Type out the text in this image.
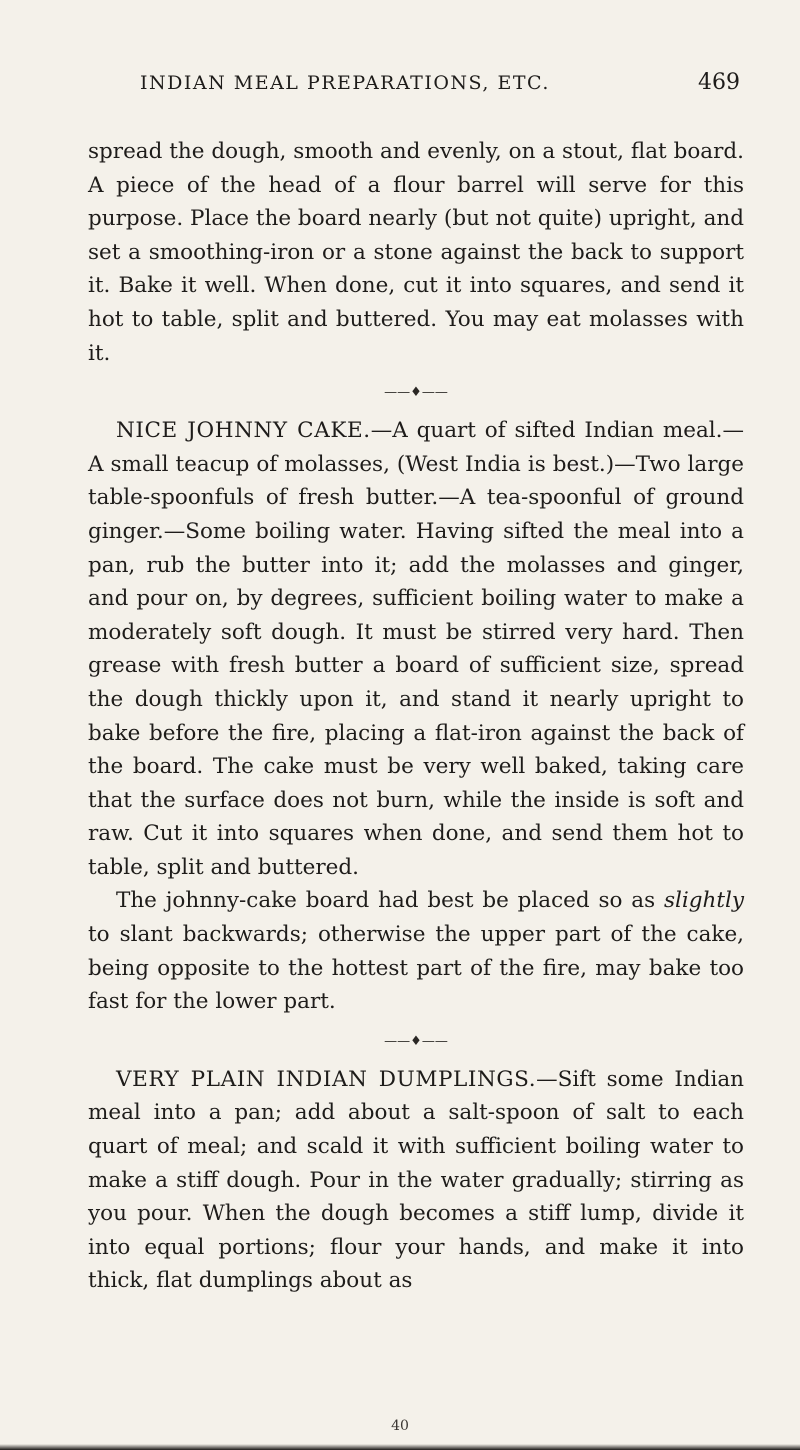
INDIAN MEAL PREPARATIONS, ETC.	469

spread the dough, smooth and evenly, on a stout, flat board. A piece of the head of a flour barrel will serve for this purpose. Place the board nearly (but not quite) upright, and set a smoothing-iron or a stone against the back to support it. Bake it well. When done, cut it into squares, and send it hot to table, split and buttered. You may eat molasses with it.

——♦——

NICE JOHNNY CAKE.—A quart of sifted Indian meal.—A small teacup of molasses, (West India is best.)—Two large table-spoonfuls of fresh butter.—A tea-spoonful of ground ginger.—Some boiling water. Having sifted the meal into a pan, rub the butter into it; add the molasses and ginger, and pour on, by degrees, sufficient boiling water to make a moderately soft dough. It must be stirred very hard. Then grease with fresh butter a board of sufficient size, spread the dough thickly upon it, and stand it nearly upright to bake before the fire, placing a flat-iron against the back of the board. The cake must be very well baked, taking care that the surface does not burn, while the inside is soft and raw. Cut it into squares when done, and send them hot to table, split and buttered.

The johnny-cake board had best be placed so as slightly to slant backwards; otherwise the upper part of the cake, being opposite to the hottest part of the fire, may bake too fast for the lower part.

——♦——

VERY PLAIN INDIAN DUMPLINGS.—Sift some Indian meal into a pan; add about a salt-spoon of salt to each quart of meal; and scald it with sufficient boiling water to make a stiff dough. Pour in the water gradually; stirring as you pour. When the dough becomes a stiff lump, divide it into equal portions; flour your hands, and make it into thick, flat dumplings about as

40
